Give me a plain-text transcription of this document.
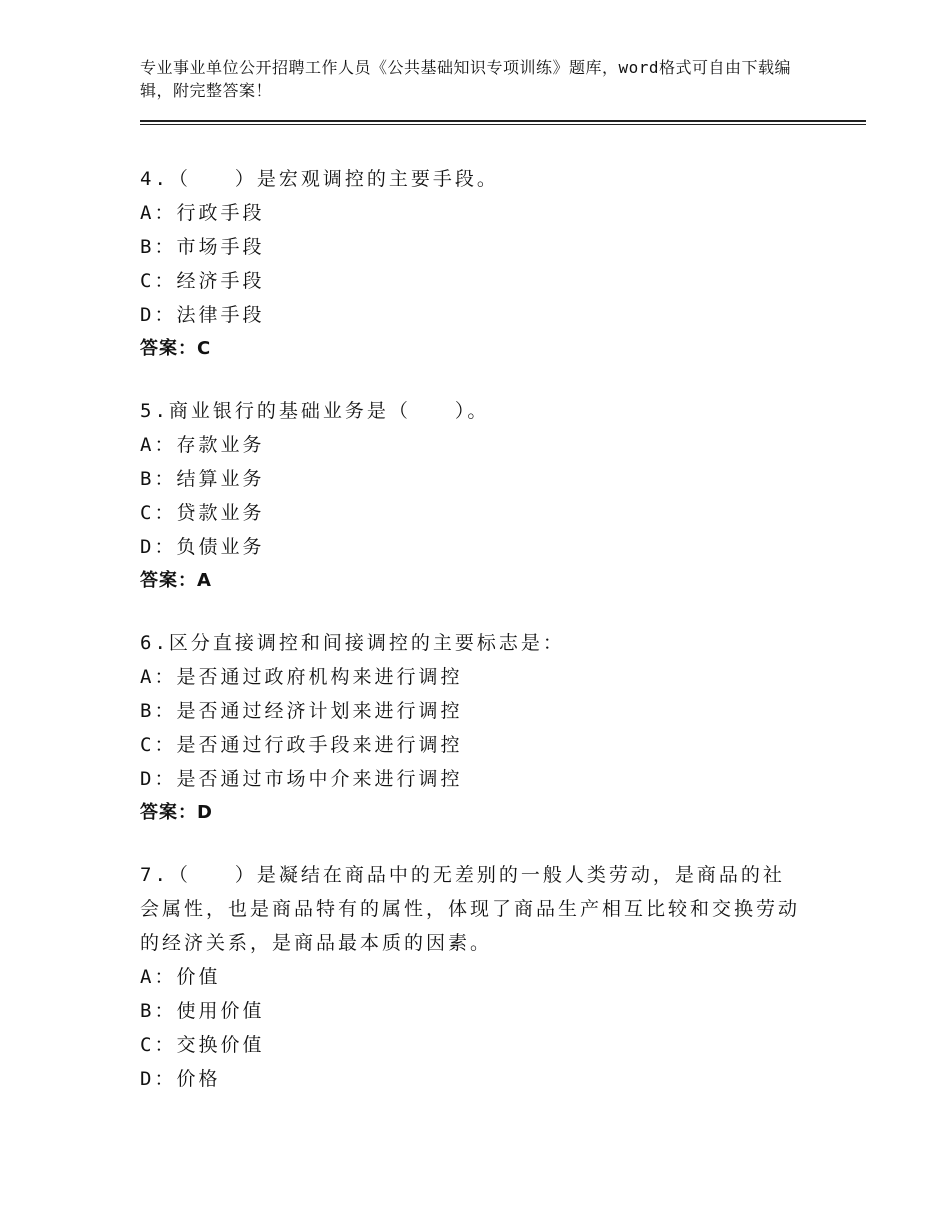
专业事业单位公开招聘工作人员《公共基础知识专项训练》题库，word格式可自由下载编辑，附完整答案！
4.（　　）是宏观调控的主要手段。
A：行政手段
B：市场手段
C：经济手段
D：法律手段
答案：C
5.商业银行的基础业务是（　　）。
A：存款业务
B：结算业务
C：贷款业务
D：负债业务
答案：A
6.区分直接调控和间接调控的主要标志是：
A：是否通过政府机构来进行调控
B：是否通过经济计划来进行调控
C：是否通过行政手段来进行调控
D：是否通过市场中介来进行调控
答案：D
7.（　　）是凝结在商品中的无差别的一般人类劳动，是商品的社会属性，也是商品特有的属性，体现了商品生产相互比较和交换劳动的经济关系，是商品最本质的因素。
A：价值
B：使用价值
C：交换价值
D：价格
